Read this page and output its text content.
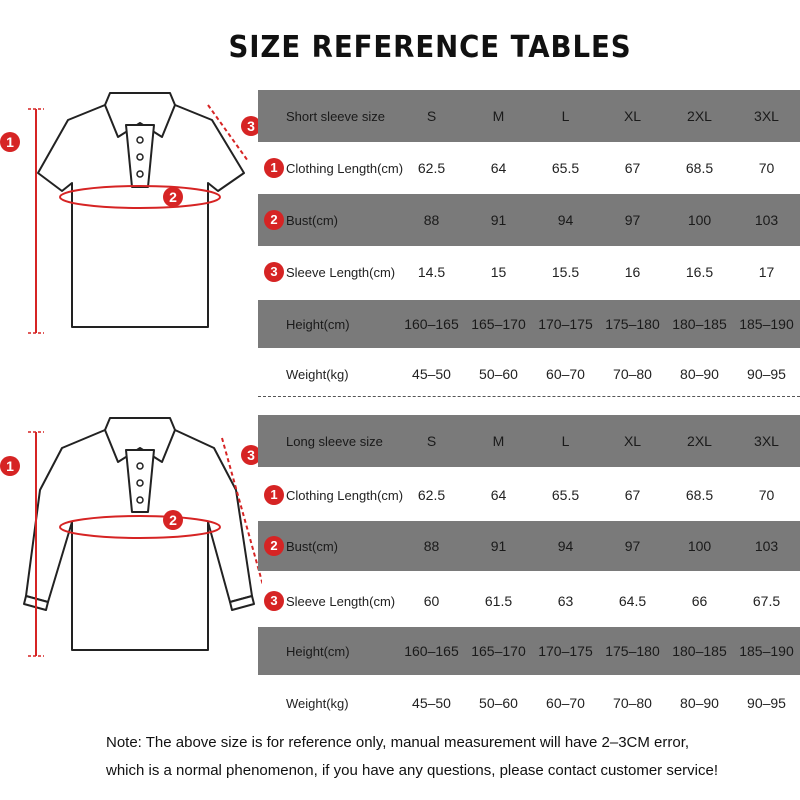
SIZE REFERENCE TABLES
1
2
3
1
2
3
Short sleeve size	S	M	L	XL	2XL	3XL
1 Clothing Length(cm)	62.5	64	65.5	67	68.5	70
2 Bust(cm)	88	91	94	97	100	103
3 Sleeve Length(cm)	14.5	15	15.5	16	16.5	17
Height(cm)	160–165 165–170 170–175 175–180 180–185 185–190
Weight(kg)	45–50	50–60	60–70	70–80	80–90	90–95
Long sleeve size	S	M	L	XL	2XL	3XL
1 Clothing Length(cm)	62.5	64	65.5	67	68.5	70
2 Bust(cm)	88	91	94	97	100	103
3 Sleeve Length(cm)	60	61.5	63	64.5	66	67.5
Height(cm)	160–165 165–170 170–175 175–180 180–185 185–190
Weight(kg)	45–50	50–60	60–70	70–80	80–90	90–95
Note: The above size is for reference only, manual measurement will have 2–3CM error,
which is a normal phenomenon, if you have any questions, please contact customer service!
